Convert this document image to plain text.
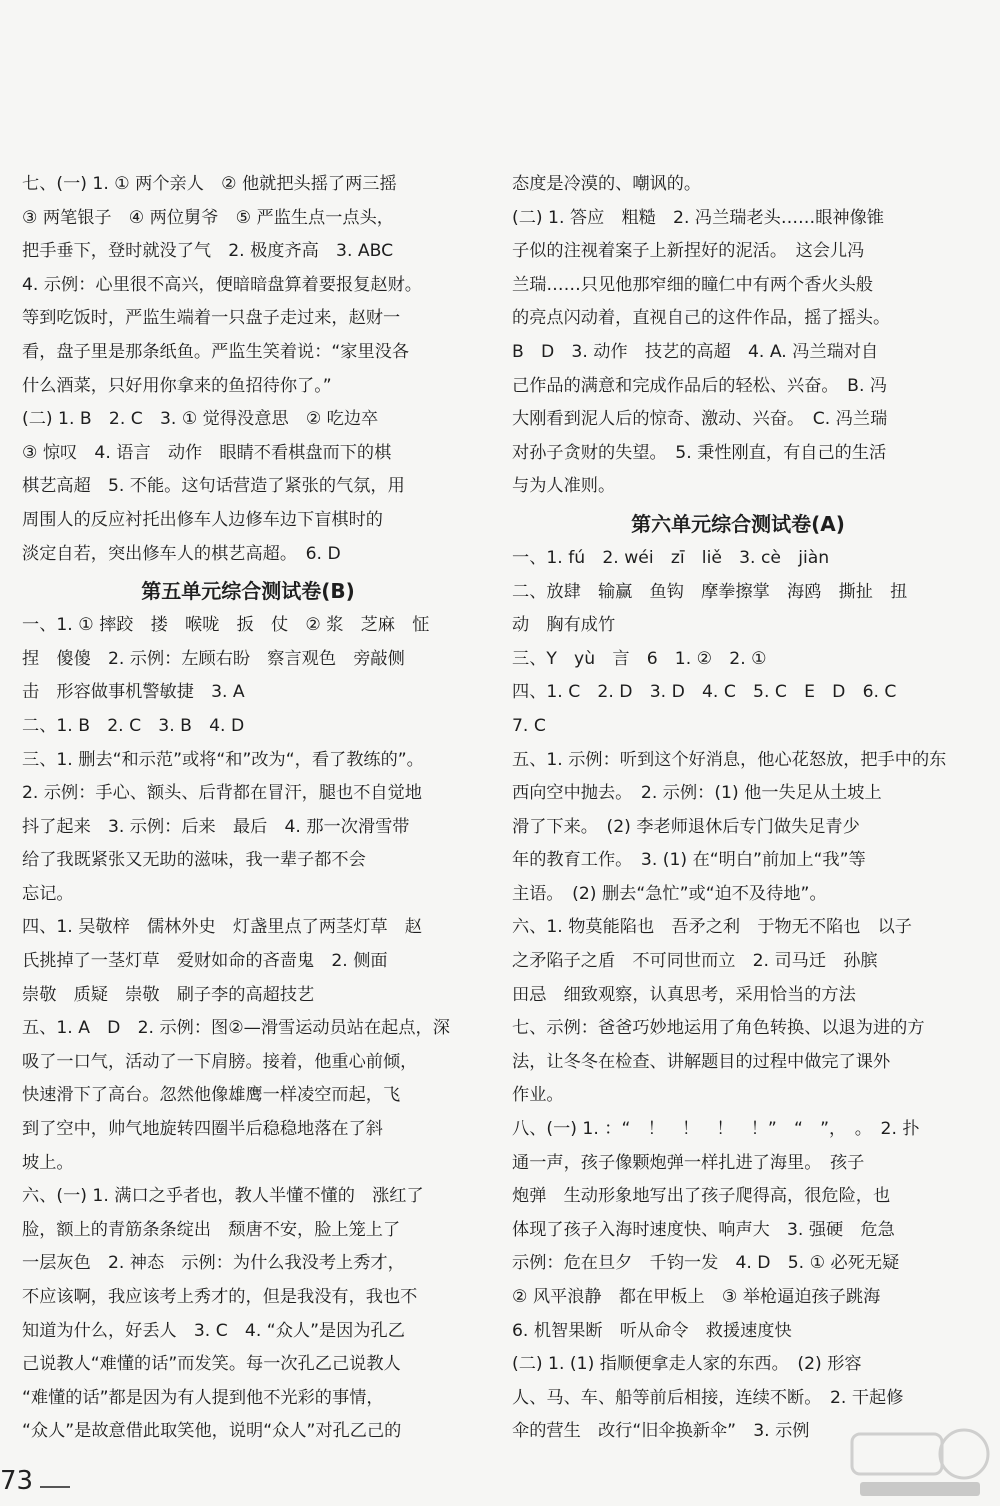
七、(一) 1. ① 两个亲人　② 他就把头摇了两三摇
③ 两笔银子　④ 两位舅爷　⑤ 严监生点一点头，
把手垂下，登时就没了气　2. 极度齐高　3. ABC
4. 示例：心里很不高兴，便暗暗盘算着要报复赵财。
等到吃饭时，严监生端着一只盘子走过来，赵财一
看，盘子里是那条纸鱼。严监生笑着说：“家里没各
什么酒菜，只好用你拿来的鱼招待你了。”
(二) 1. B　2. C　3. ① 觉得没意思　② 吃边卒
③ 惊叹　4. 语言　动作　眼睛不看棋盘而下的棋
棋艺高超　5. 不能。这句话营造了紧张的气氛，用
周围人的反应衬托出修车人边修车边下盲棋时的
淡定自若，突出修车人的棋艺高超。　6. D
第五单元综合测试卷(B)
一、1. ① 摔跤　搂　喉咙　扳　仗　② 浆　芝麻　怔
捏　傻傻　2. 示例：左顾右盼　察言观色　旁敲侧
击　形容做事机警敏捷　3. A
二、1. B　2. C　3. B　4. D
三、1. 删去“和示范”或将“和”改为“，看了教练的”。
2. 示例：手心、额头、后背都在冒汗，腿也不自觉地
抖了起来　3. 示例：后来　最后　4. 那一次滑雪带
给了我既紧张又无助的滋味，我一辈子都不会
忘记。
四、1. 吴敬梓　儒林外史　灯盏里点了两茎灯草　赵
氏挑掉了一茎灯草　爱财如命的吝啬鬼　2. 侧面
崇敬　质疑　崇敬　刷子李的高超技艺
五、1. A　D　2. 示例：图②—滑雪运动员站在起点，深
吸了一口气，活动了一下肩膀。接着，他重心前倾，
快速滑下了高台。忽然他像雄鹰一样凌空而起，飞
到了空中，帅气地旋转四圈半后稳稳地落在了斜
坡上。
六、(一) 1. 满口之乎者也，教人半懂不懂的　涨红了
脸，额上的青筋条条绽出　颓唐不安，脸上笼上了
一层灰色　2. 神态　示例：为什么我没考上秀才，
不应该啊，我应该考上秀才的，但是我没有，我也不
知道为什么，好丢人　3. C　4. “众人”是因为孔乙
己说教人“难懂的话”而发笑。每一次孔乙己说教人
“难懂的话”都是因为有人提到他不光彩的事情，
“众人”是故意借此取笑他，说明“众人”对孔乙己的
态度是冷漠的、嘲讽的。
(二) 1. 答应　粗糙　2. 冯兰瑞老头……眼神像锥
子似的注视着案子上新捏好的泥活。　这会儿冯
兰瑞……只见他那窄细的瞳仁中有两个香火头般
的亮点闪动着，直视自己的这件作品，摇了摇头。
B　D　3. 动作　技艺的高超　4. A. 冯兰瑞对自
己作品的满意和完成作品后的轻松、兴奋。　B. 冯
大刚看到泥人后的惊奇、激动、兴奋。　C. 冯兰瑞
对孙子贪财的失望。　5. 秉性刚直，有自己的生活
与为人准则。
第六单元综合测试卷(A)
一、1. fú　2. wéi　zī　liě　3. cè　jiàn
二、放肆　输赢　鱼钩　摩拳擦掌　海鸥　撕扯　扭
动　胸有成竹
三、Y　yù　言　6　1. ②　2. ①
四、1. C　2. D　3. D　4. C　5. C　E　D　6. C
7. C
五、1. 示例：听到这个好消息，他心花怒放，把手中的东
西向空中抛去。　2. 示例：(1) 他一失足从土坡上
滑了下来。　(2) 李老师退休后专门做失足青少
年的教育工作。　3. (1) 在“明白”前加上“我”等
主语。　(2) 删去“急忙”或“迫不及待地”。
六、1. 物莫能陷也　吾矛之利　于物无不陷也　以子
之矛陷子之盾　不可同世而立　2. 司马迁　孙膑
田忌　细致观察，认真思考，采用恰当的方法
七、示例：爸爸巧妙地运用了角色转换、以退为进的方
法，让冬冬在检查、讲解题目的过程中做完了课外
作业。
八、(一) 1. ：“　！　！　！　！”　“　”，　。　2. 扑
通一声，孩子像颗炮弹一样扎进了海里。　孩子
炮弹　生动形象地写出了孩子爬得高，很危险，也
体现了孩子入海时速度快、响声大　3. 强硬　危急
示例：危在旦夕　千钧一发　4. D　5. ① 必死无疑
② 风平浪静　都在甲板上　③ 举枪逼迫孩子跳海
6. 机智果断　听从命令　救援速度快
(二) 1. (1) 指顺便拿走人家的东西。　(2) 形容
人、马、车、船等前后相接，连续不断。　2. 干起修
伞的营生　改行“旧伞换新伞”　3. 示例
73
